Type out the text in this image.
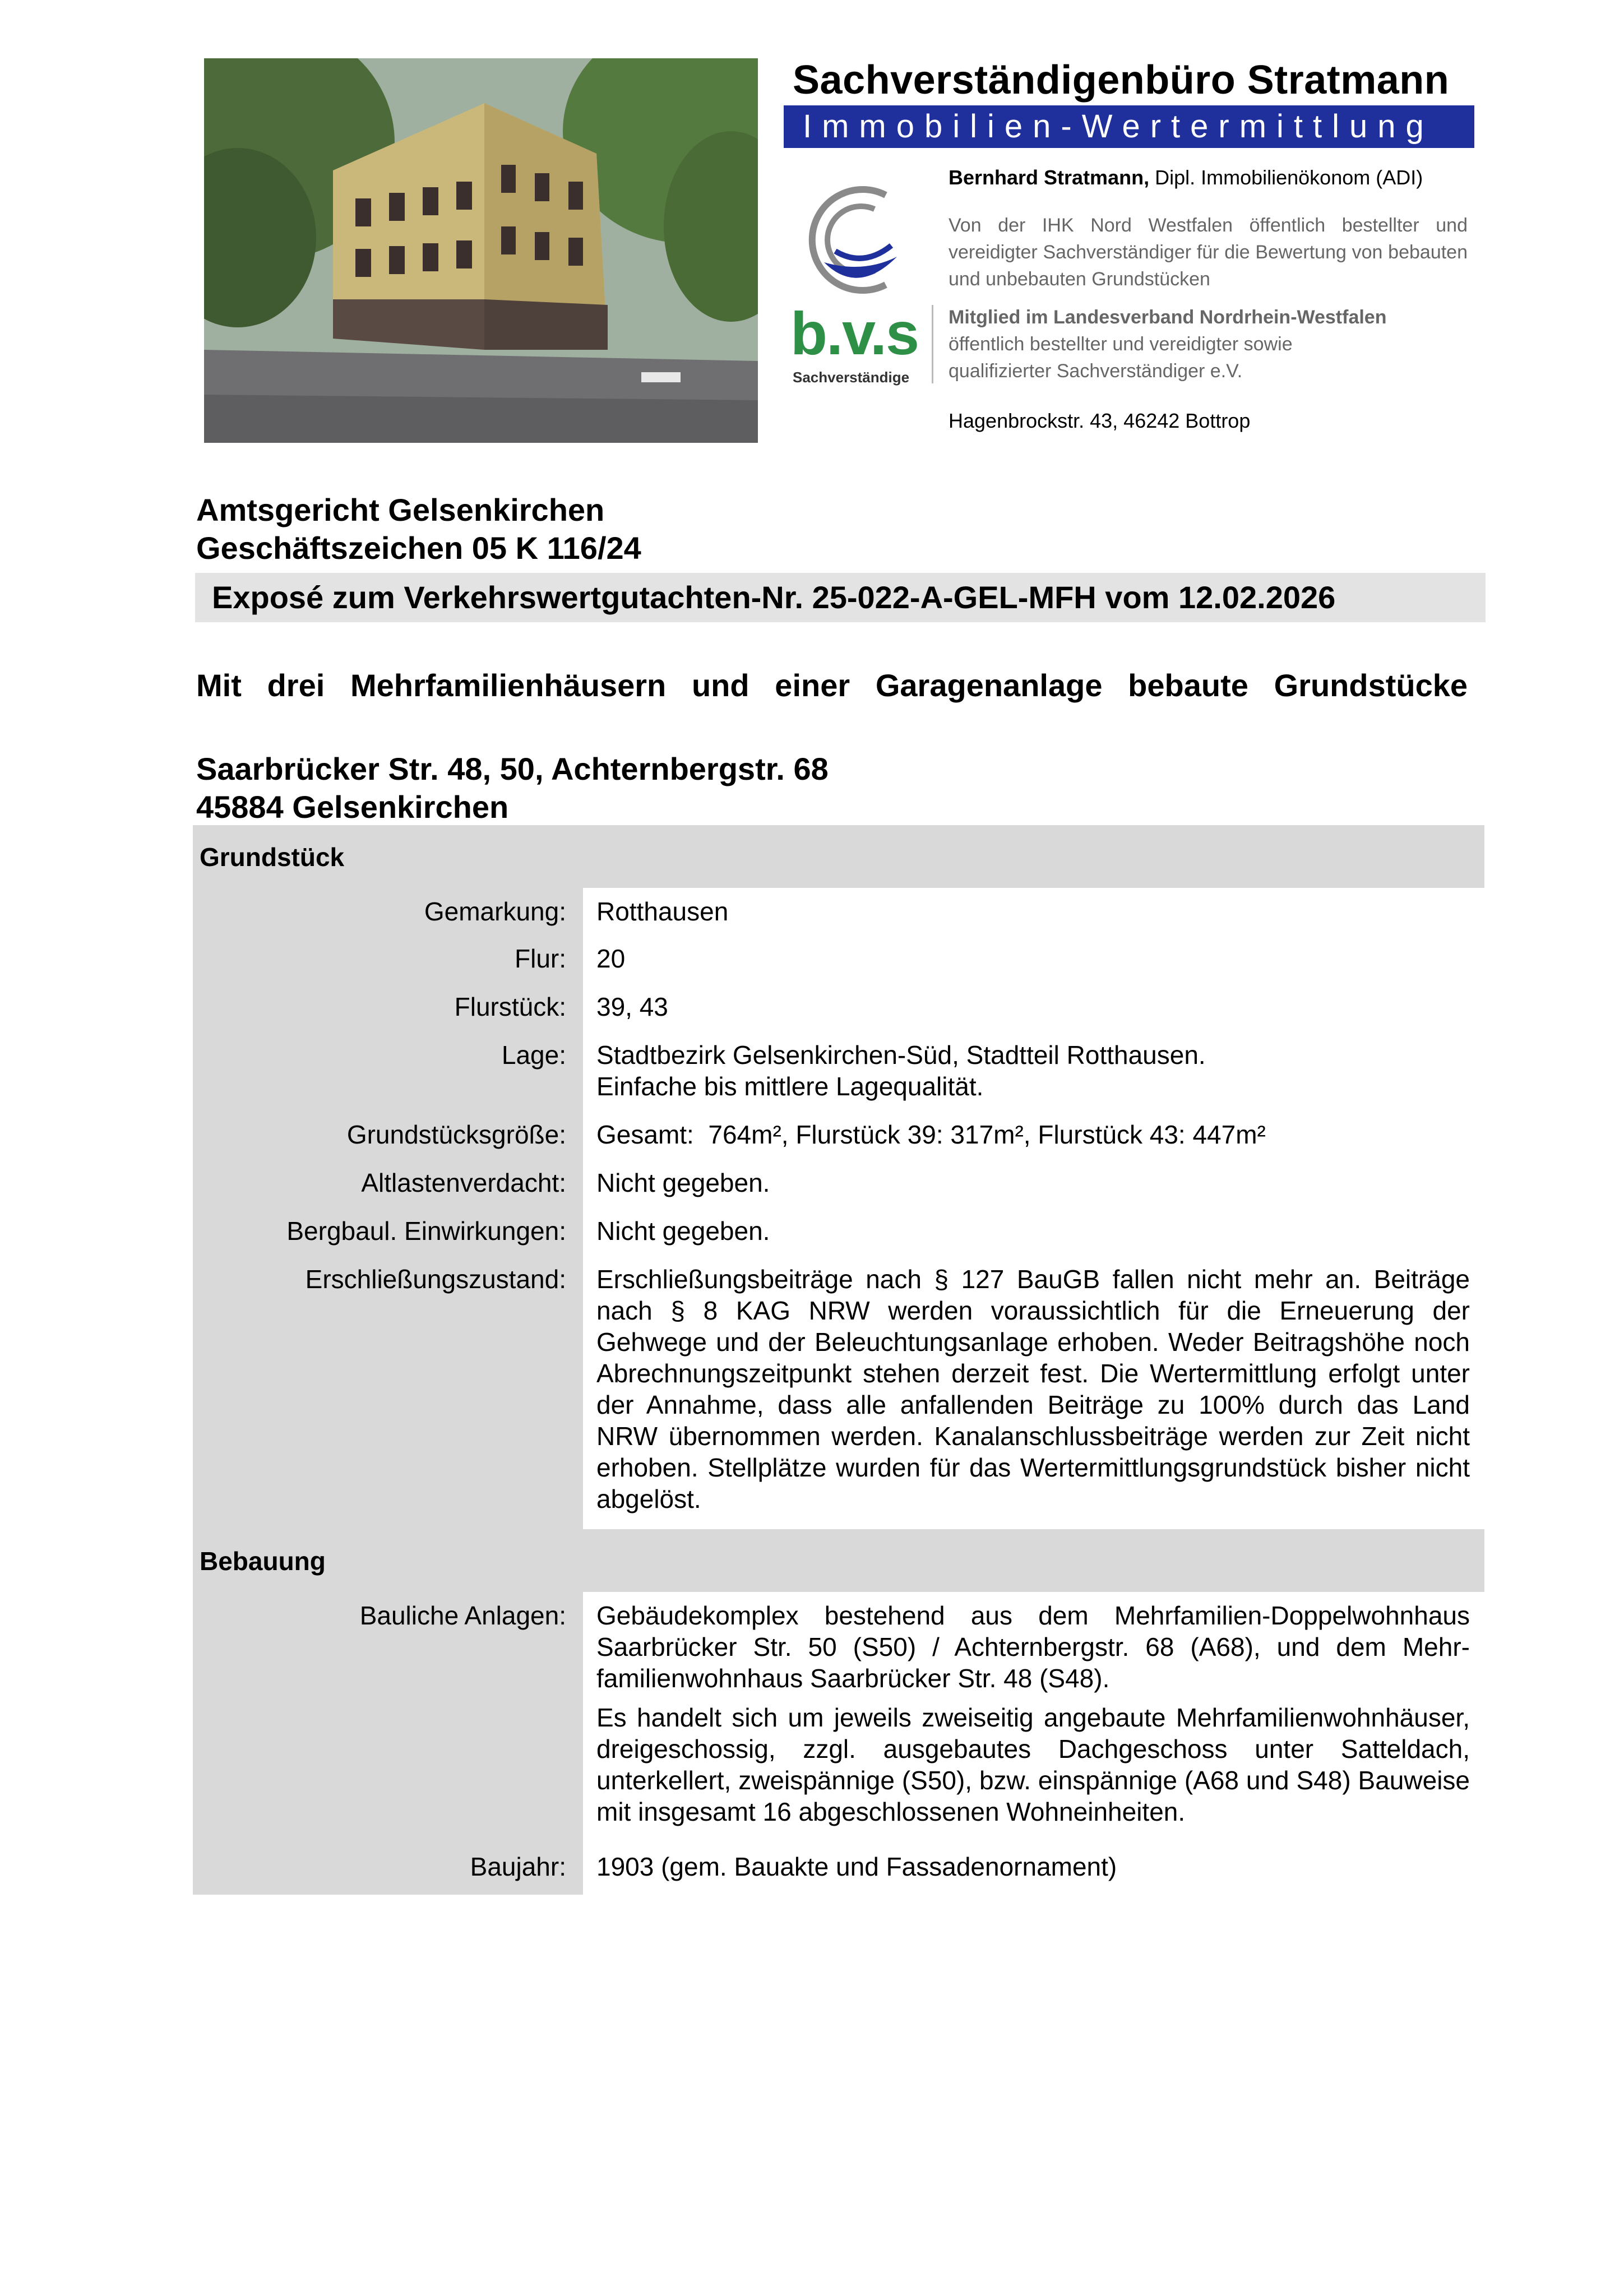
Sachverständigenbüro Stratmann
Immobilien-Wertermittlung
b.v.s
Sachverständige
Bernhard Stratmann, Dipl. Immobilienökonom (ADI)
Von der IHK Nord Westfalen öffentlich bestellter und vereidigter Sachverständiger für die Bewertung von bebauten und unbebauten Grundstücken
Mitglied im Landesverband Nordrhein-Westfalen
öffentlich bestellter und vereidigter sowie
qualifizierter Sachverständiger e.V.
Hagenbrockstr. 43, 46242 Bottrop
Amtsgericht Gelsenkirchen
Geschäftszeichen 05 K 116/24
Exposé zum Verkehrswertgutachten-Nr. 25-022-A-GEL-MFH vom 12.02.2026
Mit drei Mehrfamilienhäusern und einer Garagenanlage bebaute Grundstücke
Saarbrücker Str. 48, 50, Achternbergstr. 68
45884 Gelsenkirchen
Grundstück
Gemarkung:	Rotthausen
Flur:	20
Flurstück:	39, 43
Lage:	Stadtbezirk Gelsenkirchen-Süd, Stadtteil Rotthausen.
Einfache bis mittlere Lagequalität.
Grundstücksgröße:	Gesamt:  764m², Flurstück 39: 317m², Flurstück 43: 447m²
Altlastenverdacht:	Nicht gegeben.
Bergbaul. Einwirkungen:	Nicht gegeben.
Erschließungszustand:	Erschließungsbeiträge nach § 127 BauGB fallen nicht mehr an. Beiträge nach § 8 KAG NRW werden voraussichtlich für die Erneuerung der Gehwege und der Beleuchtungsanlage erhoben. Weder Beitragshöhe noch Abrechnungszeitpunkt stehen derzeit fest. Die Wertermittlung erfolgt unter der Annahme, dass alle anfallenden Beiträge zu 100% durch das Land NRW übernommen werden. Kanalanschlussbeiträge werden zur Zeit nicht erhoben. Stellplätze wurden für das Wertermittlungsgrundstück bisher nicht abgelöst.
Bebauung
Bauliche Anlagen:	Gebäudekomplex bestehend aus dem Mehrfamilien-Doppelwohnhaus Saarbrücker Str. 50 (S50) / Achternbergstr. 68 (A68), und dem Mehrfamilienwohnhaus Saarbrücker Str. 48 (S48).

Es handelt sich um jeweils zweiseitig angebaute Mehrfamilienwohnhäuser, dreigeschossig, zzgl. ausgebautes Dachgeschoss unter Satteldach, unterkellert, zweispännige (S50), bzw. einspännige (A68 und S48) Bauweise mit insgesamt 16 abgeschlossenen Wohneinheiten.

Baujahr:	1903 (gem. Bauakte und Fassadenornament)
